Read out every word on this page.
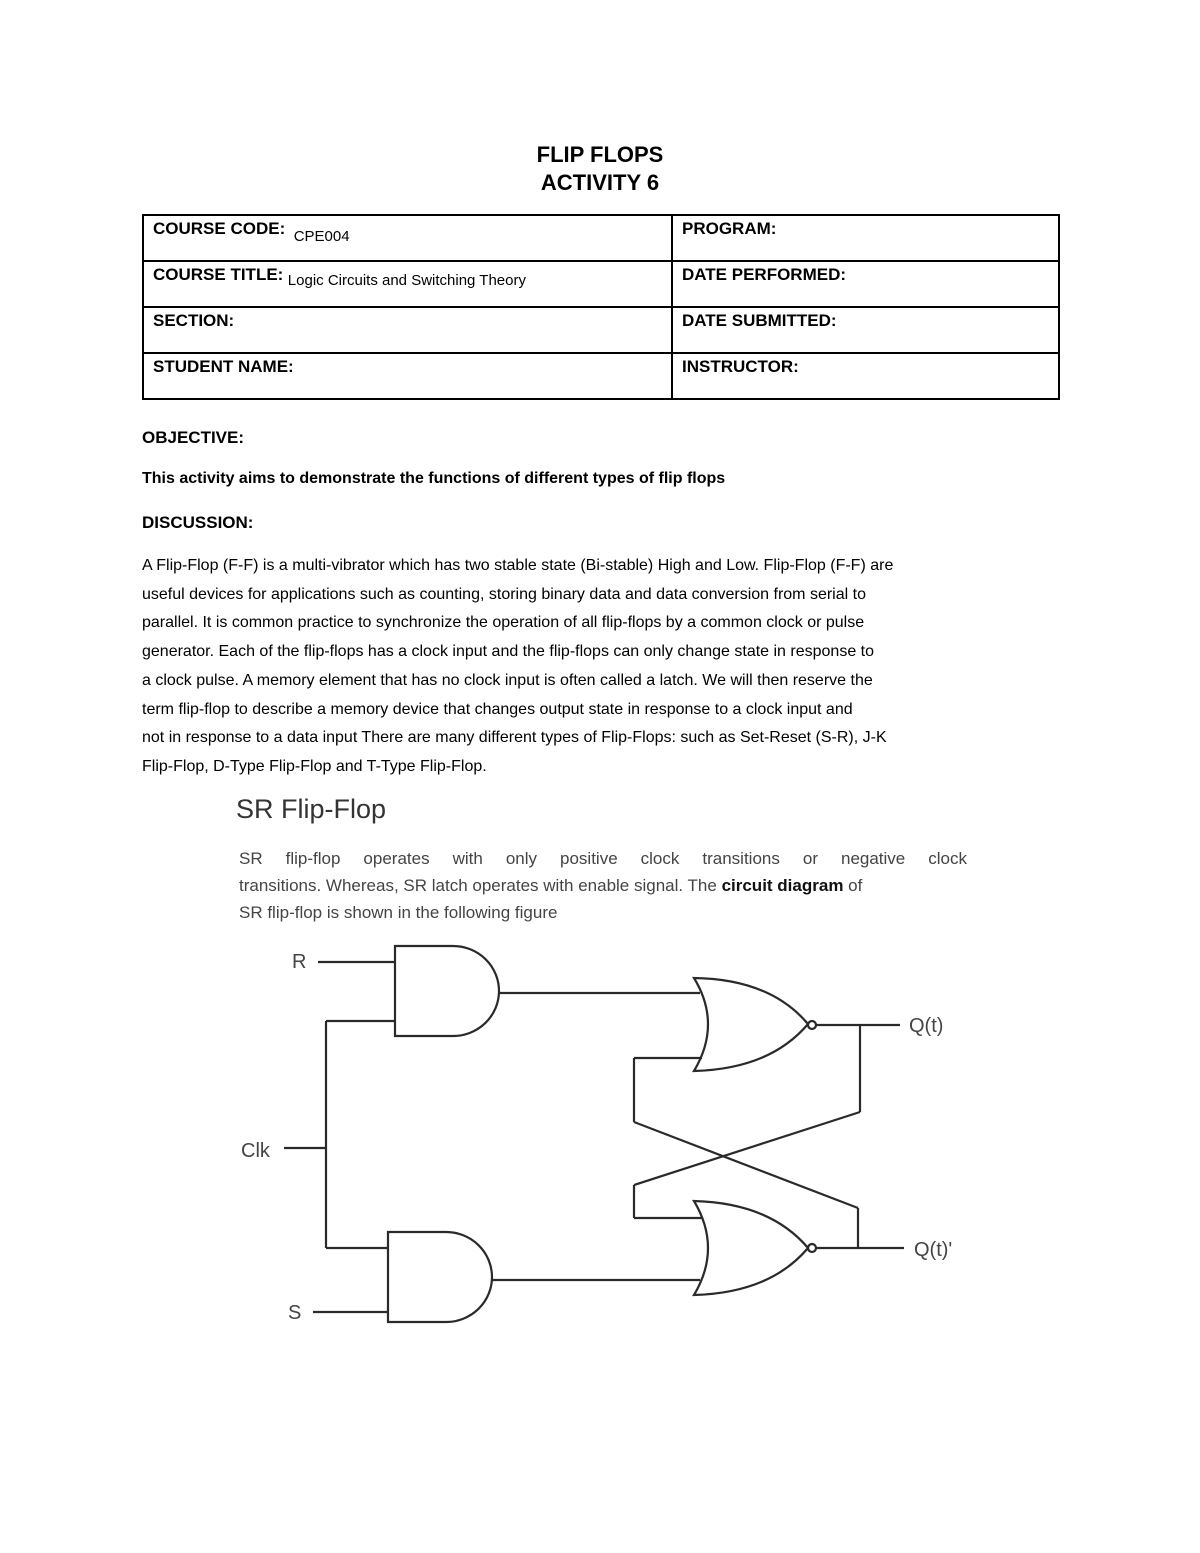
FLIP FLOPS
ACTIVITY 6
COURSE CODE: CPE004	PROGRAM:
COURSE TITLE: Logic Circuits and Switching Theory	DATE PERFORMED:
SECTION:	DATE SUBMITTED:
STUDENT NAME:	INSTRUCTOR:
OBJECTIVE:
This activity aims to demonstrate the functions of different types of flip flops
DISCUSSION:
A Flip-Flop (F-F) is a multi-vibrator which has two stable state (Bi-stable) High and Low. Flip-Flop (F-F) are
useful devices for applications such as counting, storing binary data and data conversion from serial to
parallel. It is common practice to synchronize the operation of all flip-flops by a common clock or pulse
generator. Each of the flip-flops has a clock input and the flip-flops can only change state in response to
a clock pulse. A memory element that has no clock input is often called a latch. We will then reserve the
term flip-flop to describe a memory device that changes output state in response to a clock input and
not in response to a data input There are many different types of Flip-Flops: such as Set-Reset (S-R), J-K
Flip-Flop, D-Type Flip-Flop and T-Type Flip-Flop.
SR Flip-Flop
SR flip-flop operates with only positive clock transitions or negative clock
transitions. Whereas, SR latch operates with enable signal. The circuit diagram of
SR flip-flop is shown in the following figure
R
Clk
S
Q(t)
Q(t)'
